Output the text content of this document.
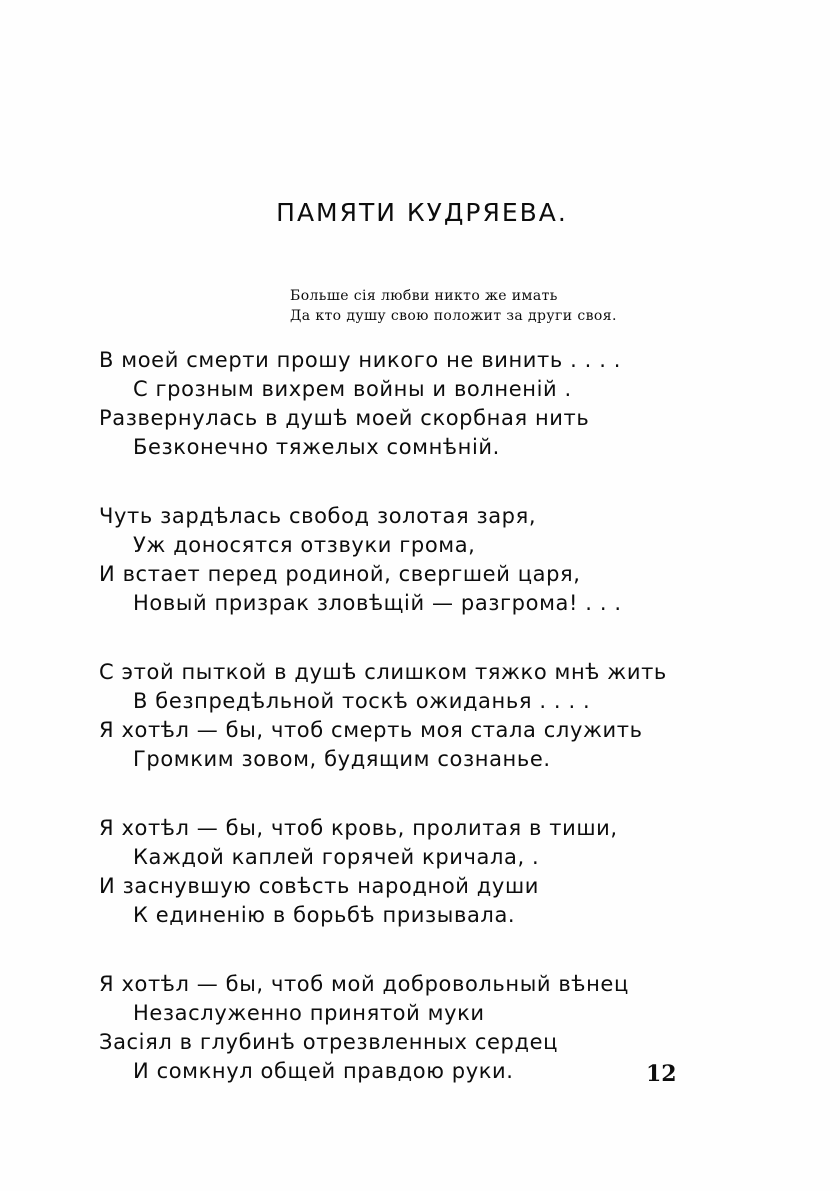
ПАМЯТИ КУДРЯЕВА.
Больше сія любви никто же имать
Да кто душу свою положит за други своя.
В моей смерти прошу никого не винить . . . .
С грозным вихрем войны и волненій .
Развернулась в душѣ моей скорбная нить
Безконечно тяжелых сомнѣній.
Чуть зардѣлась свобод золотая заря,
Уж доносятся отзвуки грома,
И встает перед родиной, свергшей царя,
Новый призрак зловѣщій — разгрома! . . .
С этой пыткой в душѣ слишком тяжко мнѣ жить
В безпредѣльной тоскѣ ожиданья . . . .
Я хотѣл — бы, чтоб смерть моя стала служить
Громким зовом, будящим сознанье.
Я хотѣл — бы, чтоб кровь, пролитая в тиши,
Каждой каплей горячей кричала, .
И заснувшую совѣсть народной души
К единенію в борьбѣ призывала.
Я хотѣл — бы, чтоб мой добровольный вѣнец
Незаслуженно принятой муки
Засіял в глубинѣ отрезвленных сердец
И сомкнул общей правдою руки.	12
